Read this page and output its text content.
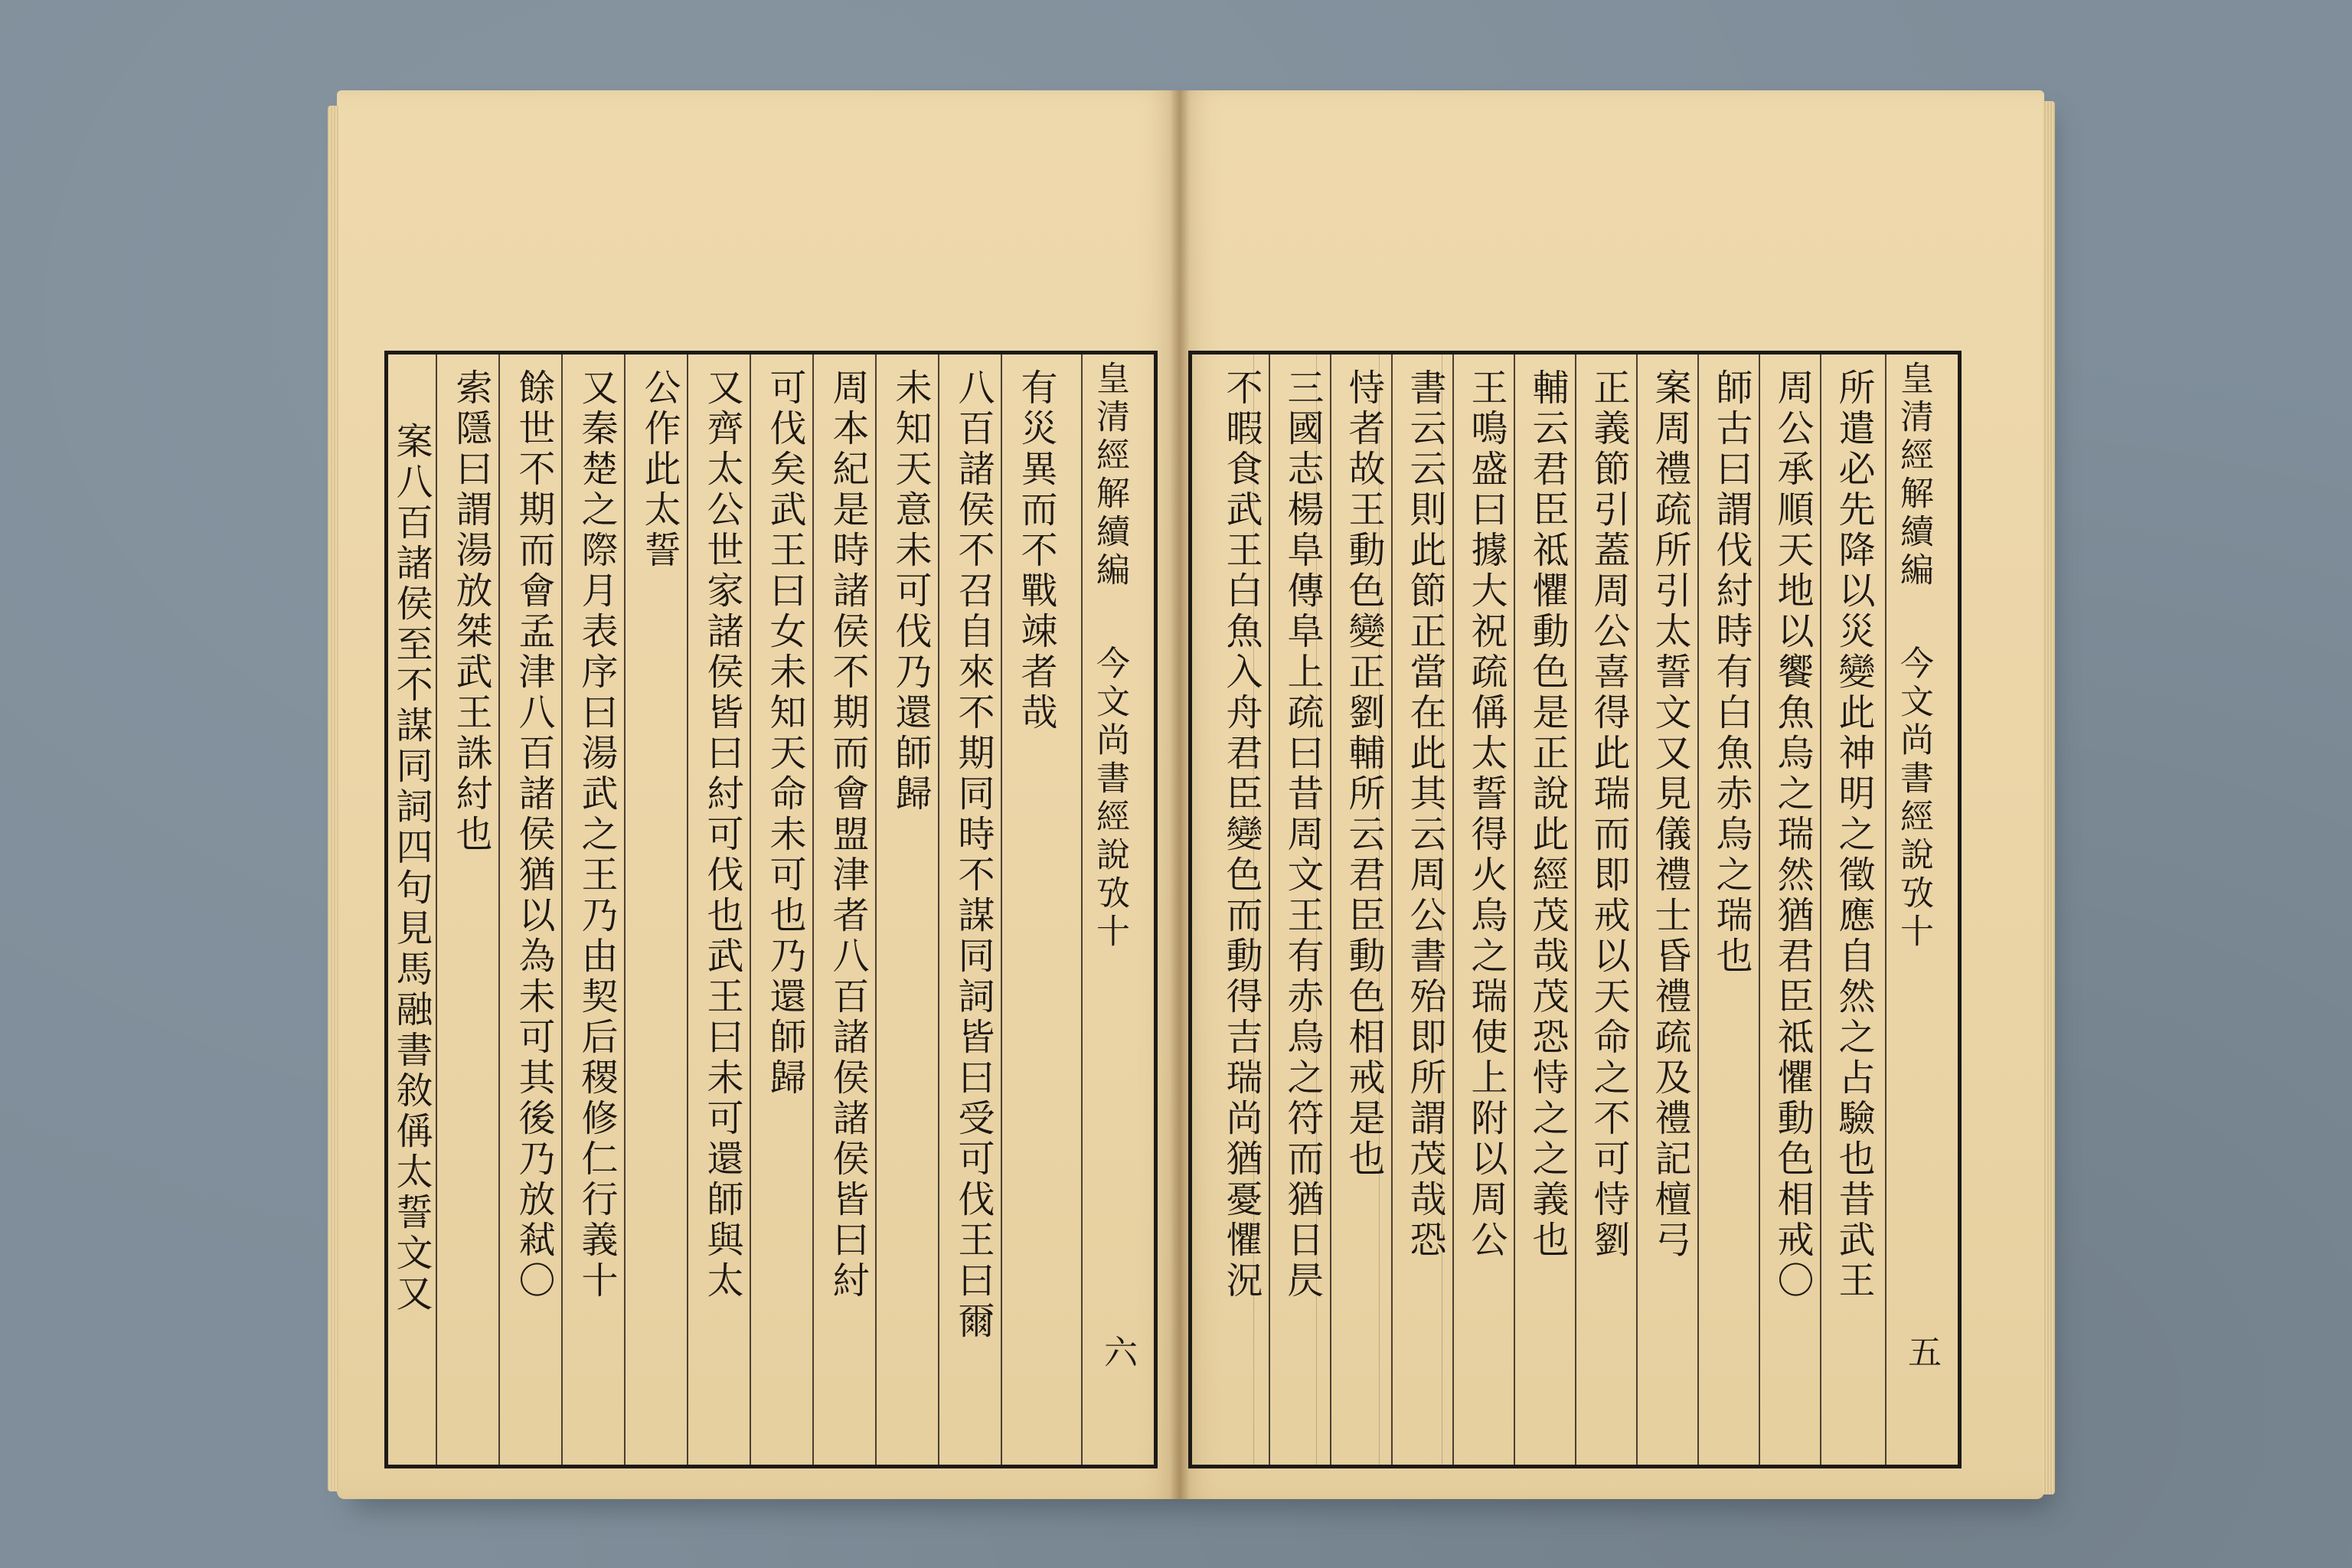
皇清經解續編
今文尚書經說攷十
六
有災異而不戰竦者哉
八百諸侯不召自來不期同時不謀同詞皆曰受可伐王曰爾
未知天意未可伐乃還師歸
周本紀是時諸侯不期而會盟津者八百諸侯諸侯皆曰紂
可伐矣武王曰女未知天命未可也乃還師歸
又齊太公世家諸侯皆曰紂可伐也武王曰未可還師與太
公作此太誓
又秦楚之際月表序曰湯武之王乃由契后稷修仁行義十
餘世不期而會孟津八百諸侯猶以為未可其後乃放弒〇
索隱曰謂湯放桀武王誅紂也
案八百諸侯至不謀同詞四句見馬融書敘偁太誓文又	皇清經解續編
今文尚書經說攷十
五
所遣必先降以災變此神明之徵應自然之占驗也昔武王
周公承順天地以饗魚烏之瑞然猶君臣祗懼動色相戒〇
師古曰謂伐紂時有白魚赤烏之瑞也
案周禮疏所引太誓文又見儀禮士昏禮疏及禮記檀弓
正義節引蓋周公喜得此瑞而即戒以天命之不可恃劉
輔云君臣祗懼動色是正說此經茂哉茂恐恃之之義也
王鳴盛曰據大祝疏偁太誓得火烏之瑞使上附以周公
書云云則此節正當在此其云周公書殆即所謂茂哉恐
恃者故王動色變正劉輔所云君臣動色相戒是也
三國志楊阜傳阜上疏曰昔周文王有赤烏之符而猶日昃
不暇食武王白魚入舟君臣變色而動得吉瑞尚猶憂懼況
